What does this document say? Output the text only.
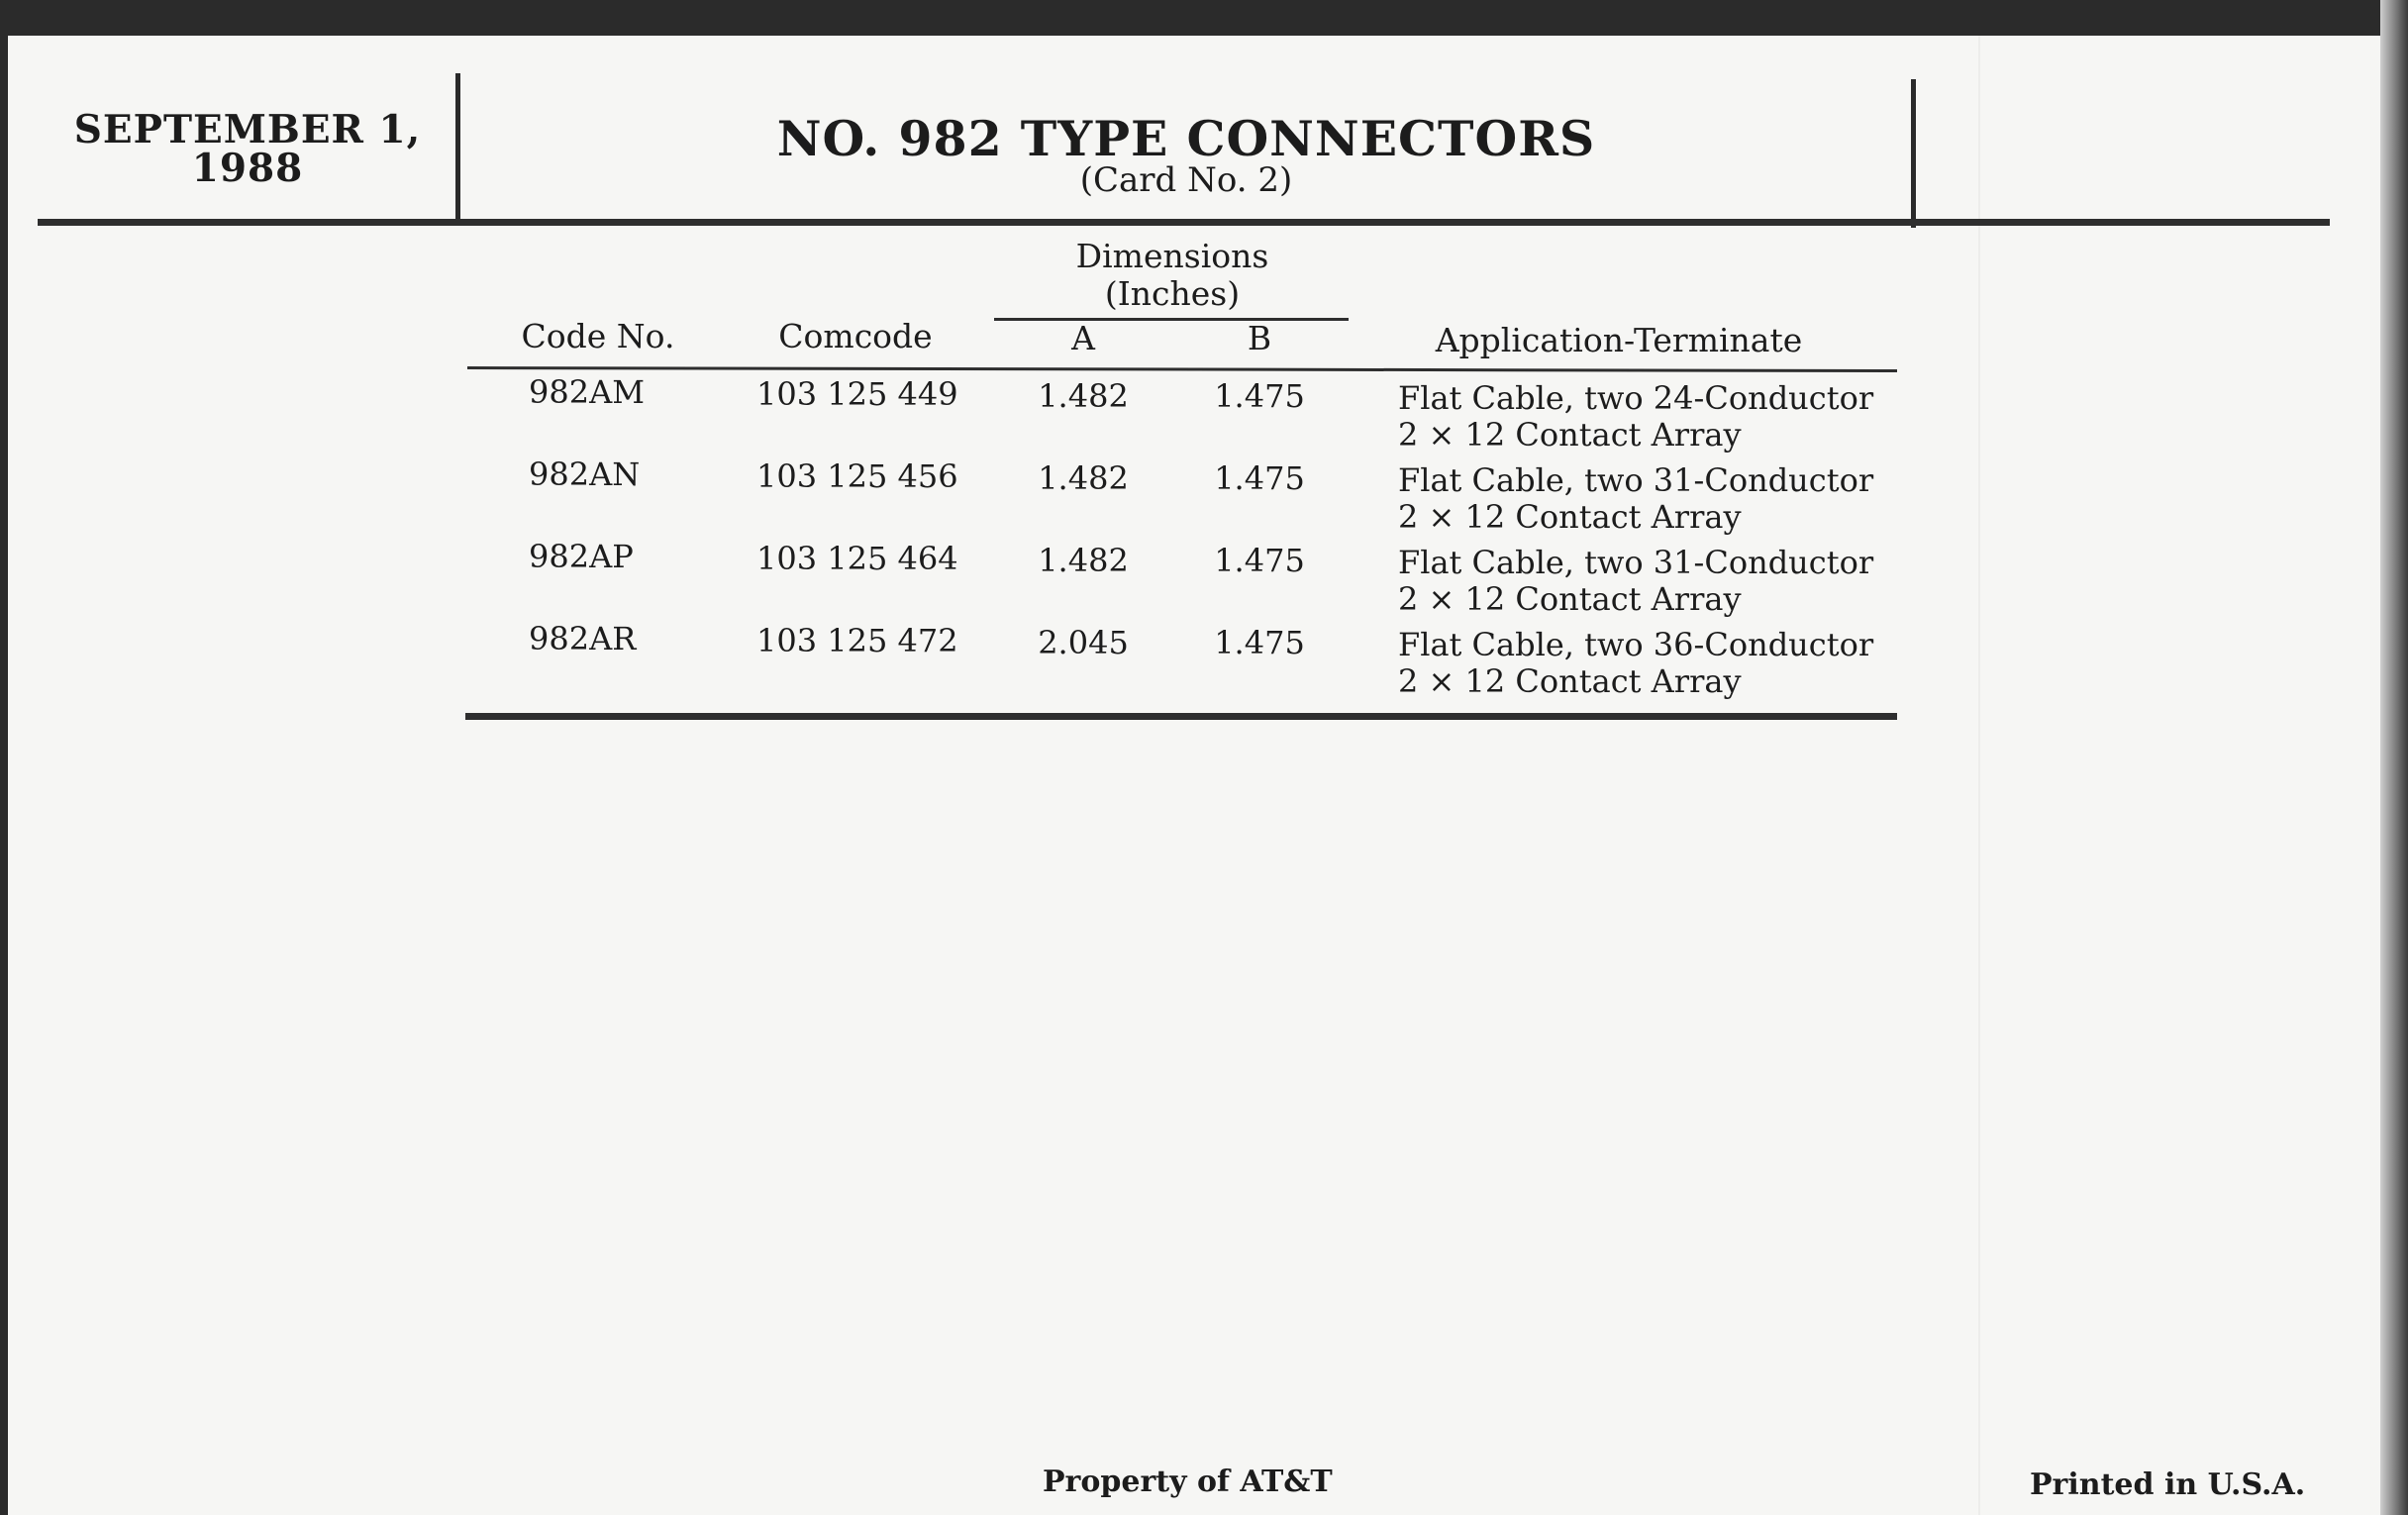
SEPTEMBER 1,
1988
NO. 982 TYPE CONNECTORS
(Card No. 2)
Dimensions
(Inches)
Code No.	Comcode	A	B	Application-Terminate
982AM	103 125 449	1.482	1.475	Flat Cable, two 24-Conductor
2 × 12 Contact Array
982AN	103 125 456	1.482	1.475	Flat Cable, two 31-Conductor
2 × 12 Contact Array
982AP	103 125 464	1.482	1.475	Flat Cable, two 31-Conductor
2 × 12 Contact Array
982AR	103 125 472	2.045	1.475	Flat Cable, two 36-Conductor
2 × 12 Contact Array
Property of AT&T	Printed in U.S.A.
